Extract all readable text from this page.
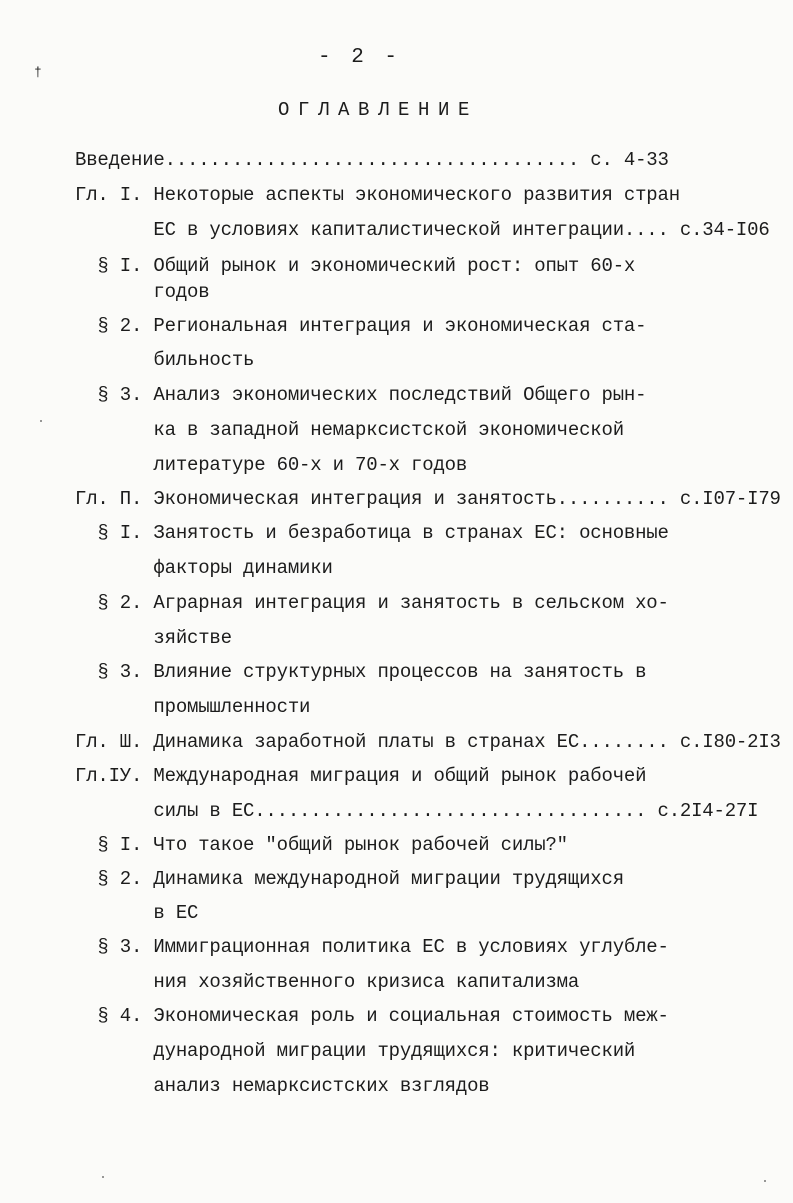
- 2 -
†
ОГЛАВЛЕНИЕ
Введение..................................... с. 4-33
Гл. I. Некоторые аспекты экономического развития стран
ЕС в условиях капиталистической интеграции.... с.34-I06
§ I. Общий рынок и экономический рост: опыт 60-х
годов
§ 2. Региональная интеграция и экономическая ста-
бильность
§ 3. Анализ экономических последствий Общего рын-
ка в западной немарксистской экономической
литературе 60-х и 70-х годов
Гл. П. Экономическая интеграция и занятость.......... с.I07-I79
§ I. Занятость и безработица в странах ЕС: основные
факторы динамики
§ 2. Аграрная интеграция и занятость в сельском хо-
зяйстве
§ 3. Влияние структурных процессов на занятость в
промышленности
Гл. Ш. Динамика заработной платы в странах ЕС........ с.I80-2I3
Гл.IУ. Международная миграция и общий рынок рабочей
силы в ЕС................................... с.2I4-27I
§ I. Что такое "общий рынок рабочей силы?"
§ 2. Динамика международной миграции трудящихся
в ЕС
§ 3. Иммиграционная политика ЕС в условиях углубле-
ния хозяйственного кризиса капитализма
§ 4. Экономическая роль и социальная стоимость меж-
дународной миграции трудящихся: критический
анализ немарксистских взглядов
